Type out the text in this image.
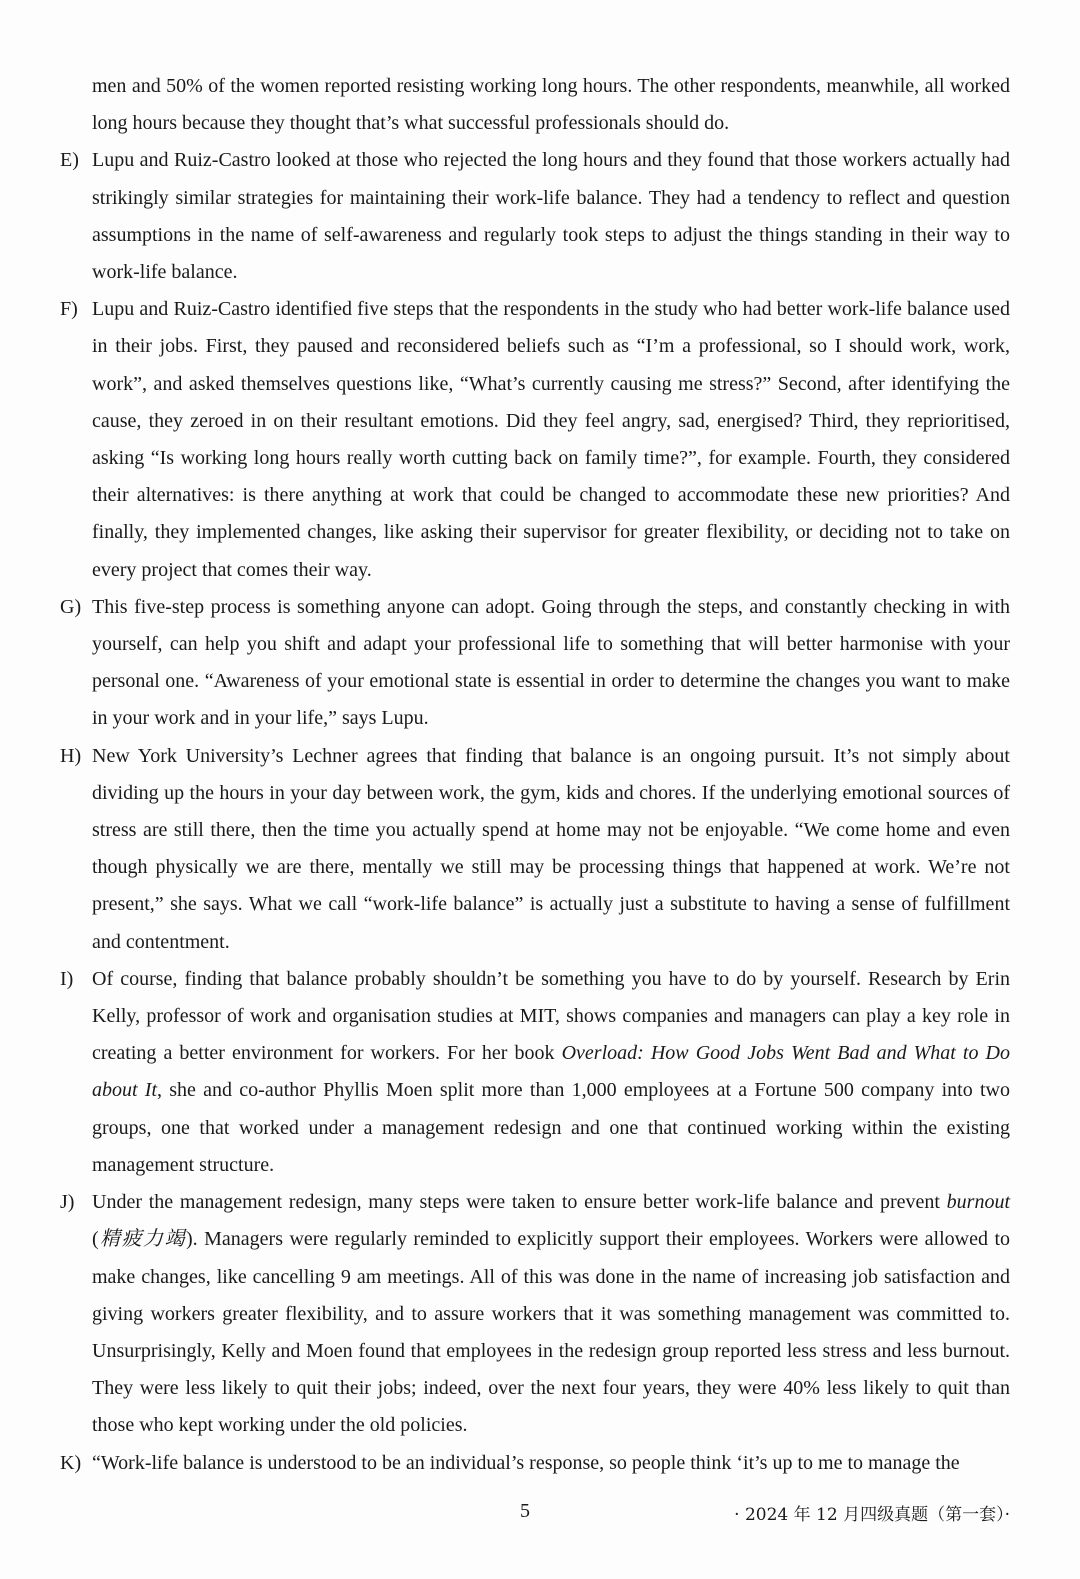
men and 50% of the women reported resisting working long hours. The other respondents, meanwhile, all worked long hours because they thought that’s what successful professionals should do.

E) Lupu and Ruiz-Castro looked at those who rejected the long hours and they found that those workers actually had strikingly similar strategies for maintaining their work-life balance. They had a tendency to reflect and question assumptions in the name of self-awareness and regularly took steps to adjust the things standing in their way to work-life balance.

F) Lupu and Ruiz-Castro identified five steps that the respondents in the study who had better work-life balance used in their jobs. First, they paused and reconsidered beliefs such as “I’m a professional, so I should work, work, work”, and asked themselves questions like, “What’s currently causing me stress?” Second, after identifying the cause, they zeroed in on their resultant emotions. Did they feel angry, sad, energised? Third, they reprioritised, asking “Is working long hours really worth cutting back on family time?”, for example. Fourth, they considered their alternatives: is there anything at work that could be changed to accommodate these new priorities? And finally, they implemented changes, like asking their supervisor for greater flexibility, or deciding not to take on every project that comes their way.

G) This five-step process is something anyone can adopt. Going through the steps, and constantly checking in with yourself, can help you shift and adapt your professional life to something that will better harmonise with your personal one. “Awareness of your emotional state is essential in order to determine the changes you want to make in your work and in your life,” says Lupu.

H) New York University’s Lechner agrees that finding that balance is an ongoing pursuit. It’s not simply about dividing up the hours in your day between work, the gym, kids and chores. If the underlying emotional sources of stress are still there, then the time you actually spend at home may not be enjoyable. “We come home and even though physically we are there, mentally we still may be processing things that happened at work. We’re not present,” she says. What we call “work-life balance” is actually just a substitute to having a sense of fulfillment and contentment.

I) Of course, finding that balance probably shouldn’t be something you have to do by yourself. Research by Erin Kelly, professor of work and organisation studies at MIT, shows companies and managers can play a key role in creating a better environment for workers. For her book Overload: How Good Jobs Went Bad and What to Do about It, she and co-author Phyllis Moen split more than 1,000 employees at a Fortune 500 company into two groups, one that worked under a management redesign and one that continued working within the existing management structure.

J) Under the management redesign, many steps were taken to ensure better work-life balance and prevent burnout (精疲力竭). Managers were regularly reminded to explicitly support their employees. Workers were allowed to make changes, like cancelling 9 am meetings. All of this was done in the name of increasing job satisfaction and giving workers greater flexibility, and to assure workers that it was something management was committed to. Unsurprisingly, Kelly and Moen found that employees in the redesign group reported less stress and less burnout. They were less likely to quit their jobs; indeed, over the next four years, they were 40% less likely to quit than those who kept working under the old policies.

K) “Work-life balance is understood to be an individual’s response, so people think ‘it’s up to me to manage the

5	· 2024 年 12 月四级真题（第一套）·
